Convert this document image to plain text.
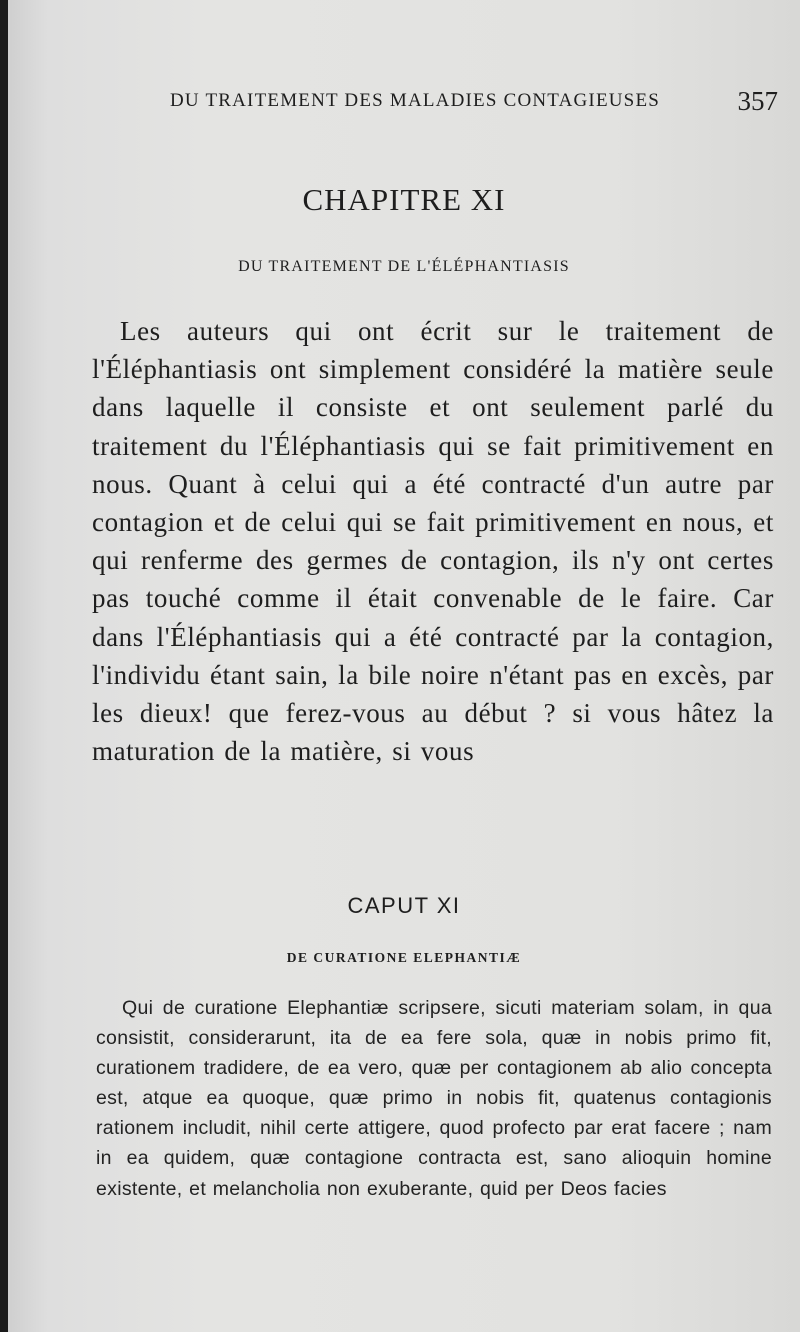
DU TRAITEMENT DES MALADIES CONTAGIEUSES	357
CHAPITRE XI
DU TRAITEMENT DE L'ÉLÉPHANTIASIS

Les auteurs qui ont écrit sur le traitement de l'Éléphantiasis ont simplement considéré la matière seule dans laquelle il consiste et ont seulement parlé du traitement du l'Éléphantiasis qui se fait primitivement en nous. Quant à celui qui a été contracté d'un autre par contagion et de celui qui se fait primitivement en nous, et qui renferme des germes de contagion, ils n'y ont certes pas touché comme il était convenable de le faire. Car dans l'Éléphantiasis qui a été contracté par la contagion, l'individu étant sain, la bile noire n'étant pas en excès, par les dieux! que ferez-vous au début ? si vous hâtez la maturation de la matière, si vous

CAPUT XI
DE CURATIONE ELEPHANTIÆ

Qui de curatione Elephantiæ scripsere, sicuti materiam solam, in qua consistit, considerarunt, ita de ea fere sola, quæ in nobis primo fit, curationem tradidere, de ea vero, quæ per contagionem ab alio concepta est, atque ea quoque, quæ primo in nobis fit, quatenus contagionis rationem includit, nihil certe attigere, quod profecto par erat facere ; nam in ea quidem, quæ contagione contracta est, sano alioquin homine existente, et melancholia non exuberante, quid per Deos facies
